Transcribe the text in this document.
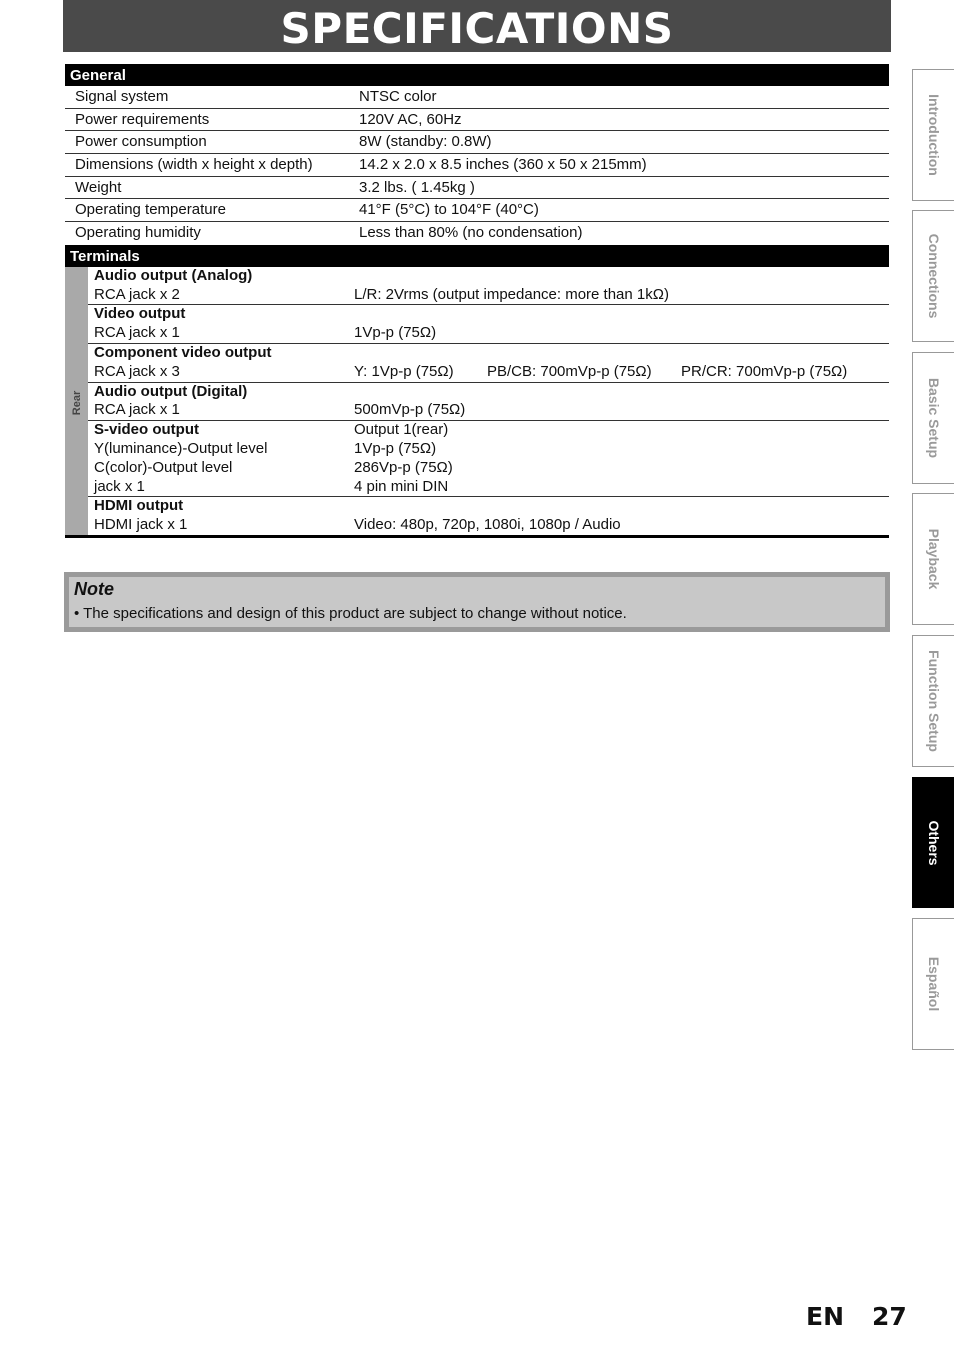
SPECIFICATIONS
General
Signal system	NTSC color
Power requirements	120V AC, 60Hz
Power consumption	8W (standby: 0.8W)
Dimensions (width x height x depth)	14.2 x 2.0 x 8.5 inches (360 x 50 x 215mm)
Weight	3.2 lbs. ( 1.45kg )
Operating temperature	41°F (5°C) to 104°F (40°C)
Operating humidity	Less than 80% (no condensation)
Terminals
Rear
Audio output (Analog)
RCA jack x 2	L/R: 2Vrms (output impedance: more than 1kΩ)
Video output
RCA jack x 1	1Vp-p (75Ω)
Component video output
RCA jack x 3	Y: 1Vp-p (75Ω) PB/CB: 700mVp-p (75Ω) PR/CR: 700mVp-p (75Ω)
Audio output (Digital)
RCA jack x 1	500mVp-p (75Ω)
S-video output	Output 1(rear)
Y(luminance)-Output level	1Vp-p (75Ω)
C(color)-Output level	286Vp-p (75Ω)
jack x 1	4 pin mini DIN
HDMI output
HDMI jack x 1	Video: 480p, 720p, 1080i, 1080p / Audio
Note
• The specifications and design of this product are subject to change without notice.
Introduction
Connections
Basic Setup
Playback
Function Setup
Others
Español
EN 27
